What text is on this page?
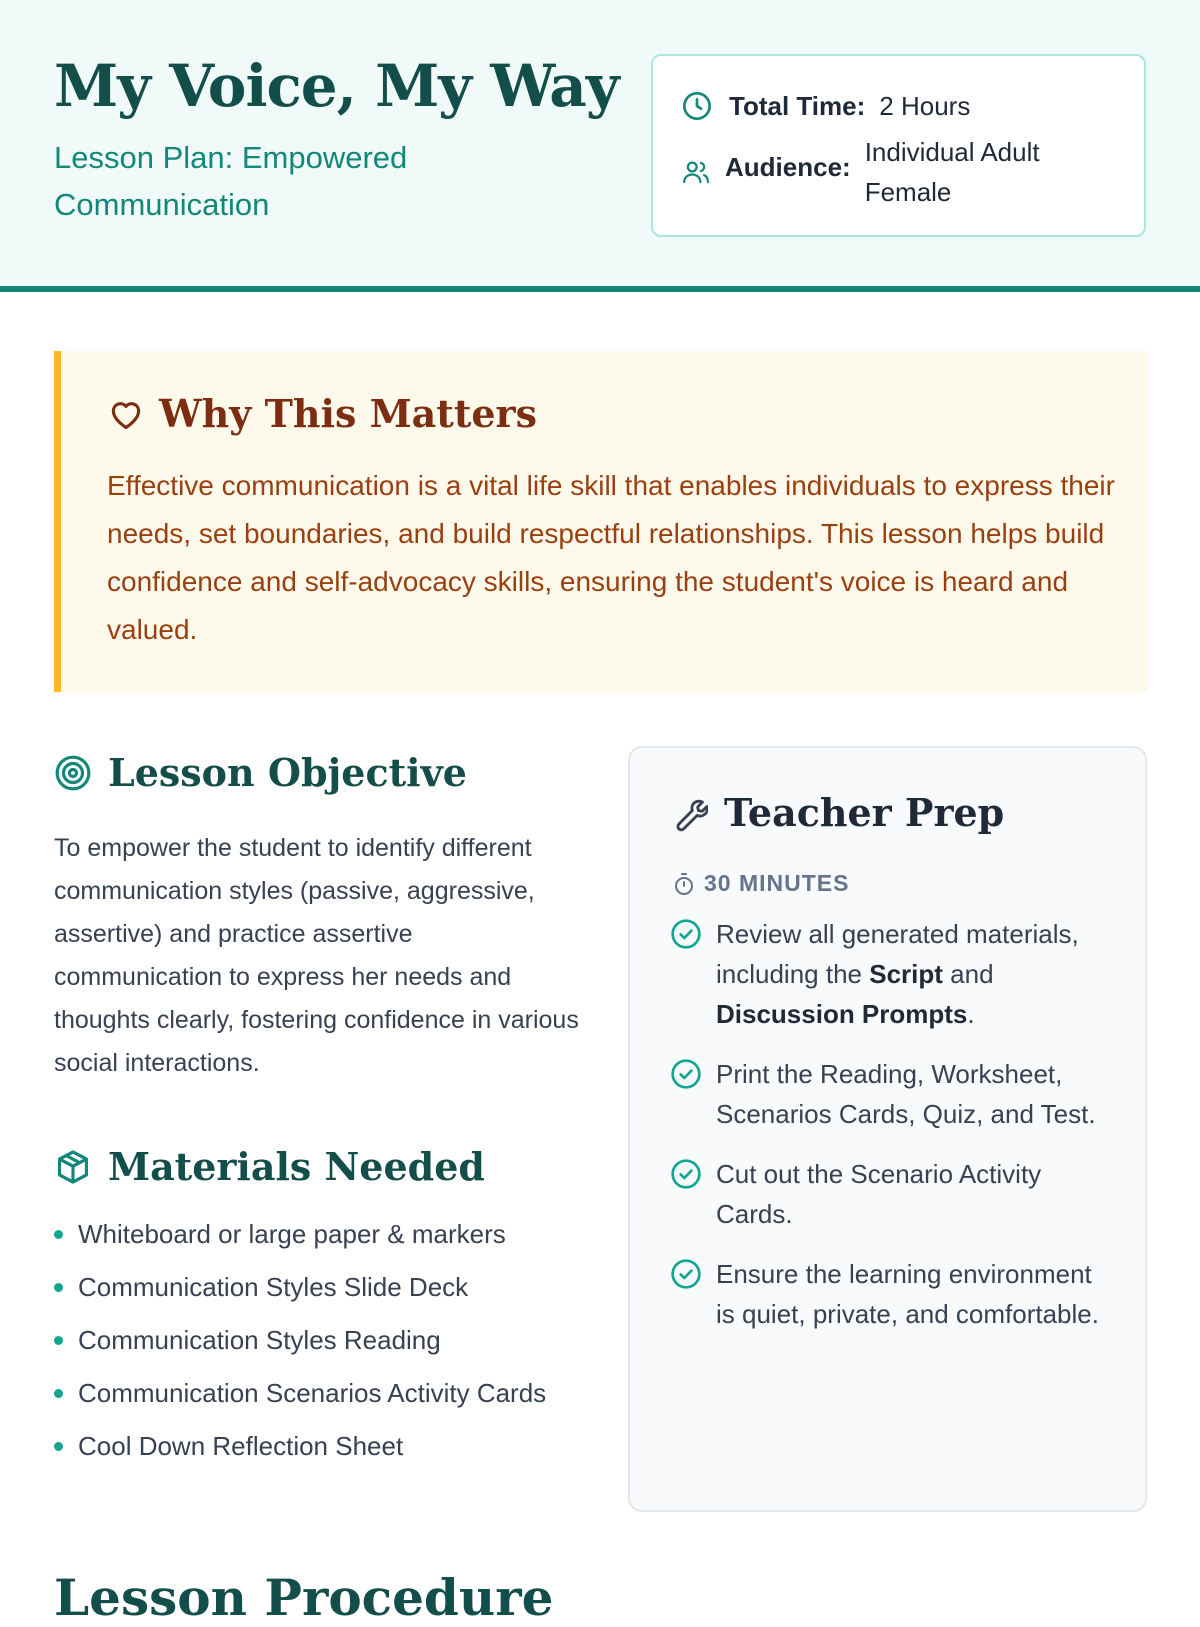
My Voice, My Way

Lesson Plan: Empowered Communication

Total Time: 2 Hours
Audience: Individual Adult Female
Why This Matters

Effective communication is a vital life skill that enables individuals to express their needs, set boundaries, and build respectful relationships. This lesson helps build confidence and self-advocacy skills, ensuring the student's voice is heard and valued.

Lesson Objective

To empower the student to identify different communication styles (passive, aggressive, assertive) and practice assertive communication to express her needs and thoughts clearly, fostering confidence in various social interactions.

Materials Needed
Whiteboard or large paper & markers
Communication Styles Slide Deck
Communication Styles Reading
Communication Scenarios Activity Cards
Cool Down Reflection Sheet
Teacher Prep
30 MINUTES
Review all generated materials, including the Script and Discussion Prompts.
Print the Reading, Worksheet, Scenarios Cards, Quiz, and Test.
Cut out the Scenario Activity Cards.
Ensure the learning environment is quiet, private, and comfortable.
Lesson Procedure
